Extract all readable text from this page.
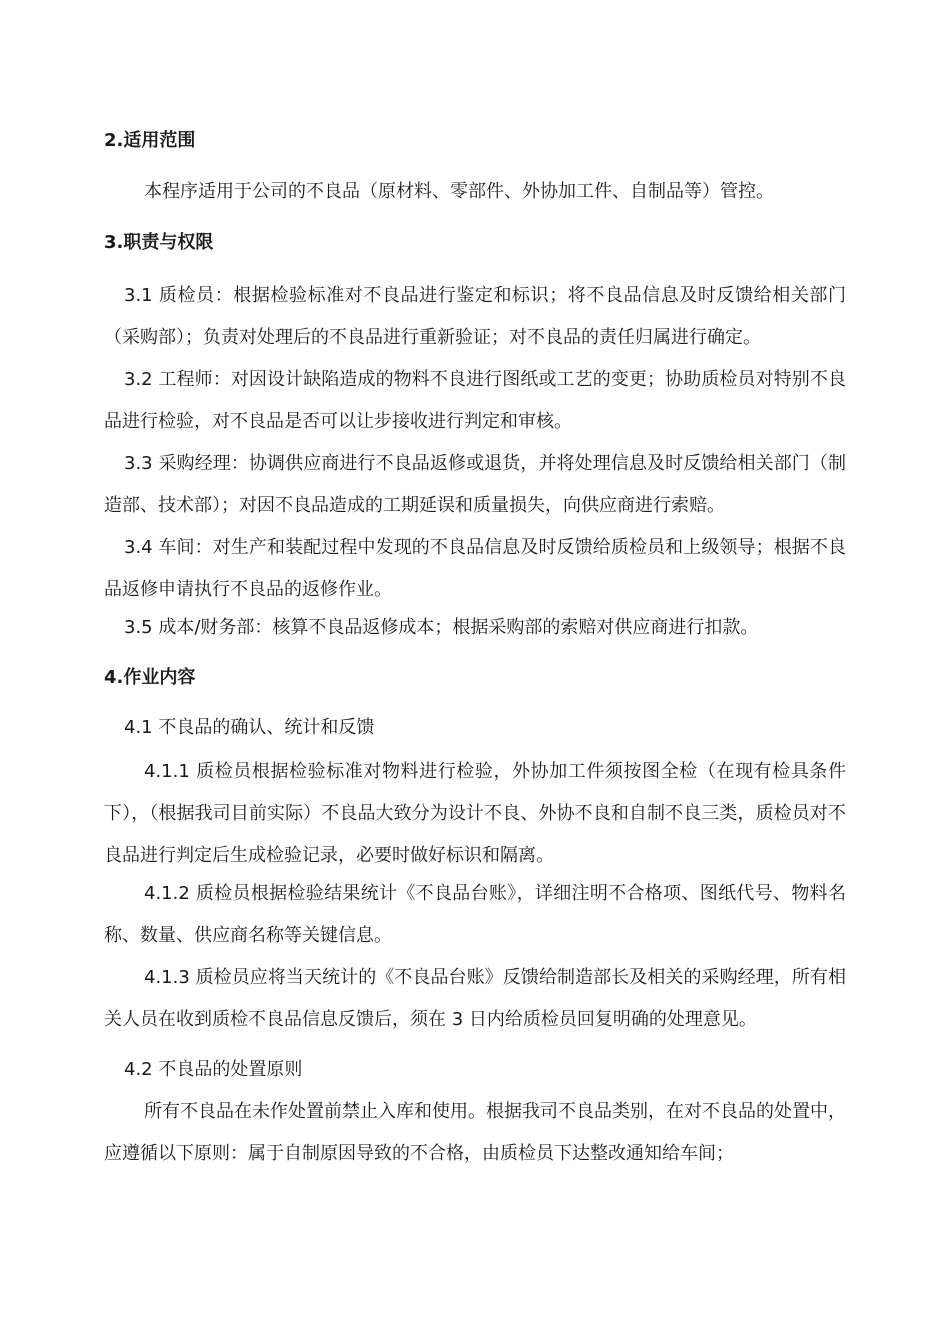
2.适用范围
本程序适用于公司的不良品（原材料、零部件、外协加工件、自制品等）管控。
3.职责与权限
3.1 质检员：根据检验标准对不良品进行鉴定和标识；将不良品信息及时反馈给相关部门（采购部）；负责对处理后的不良品进行重新验证；对不良品的责任归属进行确定。
3.2 工程师：对因设计缺陷造成的物料不良进行图纸或工艺的变更；协助质检员对特别不良品进行检验，对不良品是否可以让步接收进行判定和审核。
3.3 采购经理：协调供应商进行不良品返修或退货，并将处理信息及时反馈给相关部门（制造部、技术部）；对因不良品造成的工期延误和质量损失，向供应商进行索赔。
3.4 车间：对生产和装配过程中发现的不良品信息及时反馈给质检员和上级领导；根据不良品返修申请执行不良品的返修作业。
3.5 成本/财务部：核算不良品返修成本；根据采购部的索赔对供应商进行扣款。
4.作业内容
4.1 不良品的确认、统计和反馈
4.1.1 质检员根据检验标准对物料进行检验，外协加工件须按图全检（在现有检具条件下），（根据我司目前实际）不良品大致分为设计不良、外协不良和自制不良三类，质检员对不良品进行判定后生成检验记录，必要时做好标识和隔离。
4.1.2 质检员根据检验结果统计《不良品台账》，详细注明不合格项、图纸代号、物料名称、数量、供应商名称等关键信息。
4.1.3 质检员应将当天统计的《不良品台账》反馈给制造部长及相关的采购经理，所有相关人员在收到质检不良品信息反馈后，须在 3 日内给质检员回复明确的处理意见。
4.2 不良品的处置原则
所有不良品在未作处置前禁止入库和使用。根据我司不良品类别，在对不良品的处置中，应遵循以下原则：属于自制原因导致的不合格，由质检员下达整改通知给车间；
